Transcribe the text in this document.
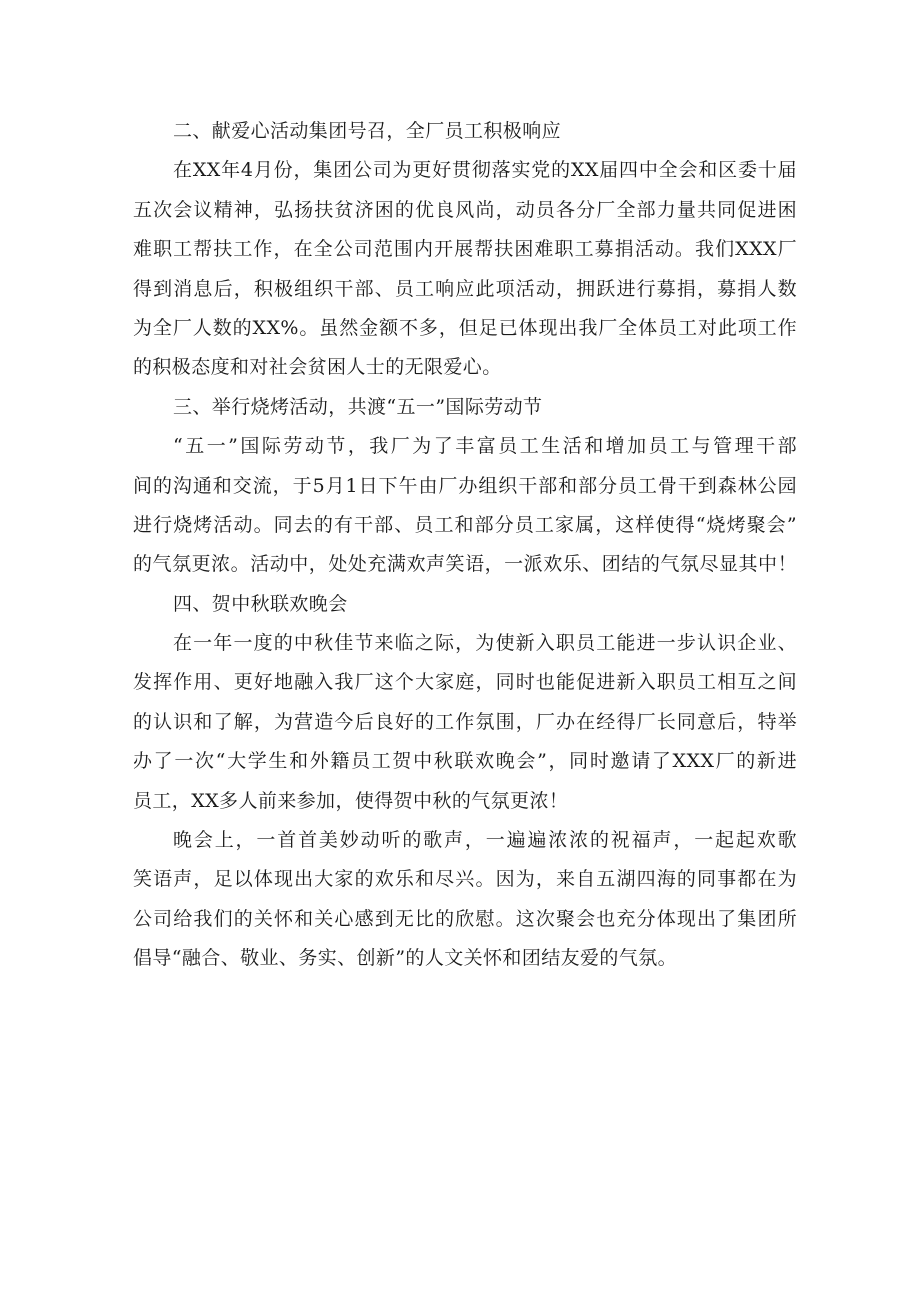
二、献爱心活动集团号召，全厂员工积极响应
在XX年4月份，集团公司为更好贯彻落实党的XX届四中全会和区委十届
五次会议精神，弘扬扶贫济困的优良风尚，动员各分厂全部力量共同促进困
难职工帮扶工作，在全公司范围内开展帮扶困难职工募捐活动。我们XXX厂
得到消息后，积极组织干部、员工响应此项活动，拥跃进行募捐，募捐人数
为全厂人数的XX%。虽然金额不多，但足已体现出我厂全体员工对此项工作
的积极态度和对社会贫困人士的无限爱心。
三、举行烧烤活动，共渡“五一”国际劳动节
“五一”国际劳动节，我厂为了丰富员工生活和增加员工与管理干部
间的沟通和交流，于5月1日下午由厂办组织干部和部分员工骨干到森林公园
进行烧烤活动。同去的有干部、员工和部分员工家属，这样使得“烧烤聚会”
的气氛更浓。活动中，处处充满欢声笑语，一派欢乐、团结的气氛尽显其中！
四、贺中秋联欢晚会
在一年一度的中秋佳节来临之际，为使新入职员工能进一步认识企业、
发挥作用、更好地融入我厂这个大家庭，同时也能促进新入职员工相互之间
的认识和了解，为营造今后良好的工作氛围，厂办在经得厂长同意后，特举
办了一次“大学生和外籍员工贺中秋联欢晚会”，同时邀请了XXX厂的新进
员工，XX多人前来参加，使得贺中秋的气氛更浓！
晚会上，一首首美妙动听的歌声，一遍遍浓浓的祝福声，一起起欢歌
笑语声，足以体现出大家的欢乐和尽兴。因为，来自五湖四海的同事都在为
公司给我们的关怀和关心感到无比的欣慰。这次聚会也充分体现出了集团所
倡导“融合、敬业、务实、创新”的人文关怀和团结友爱的气氛。
